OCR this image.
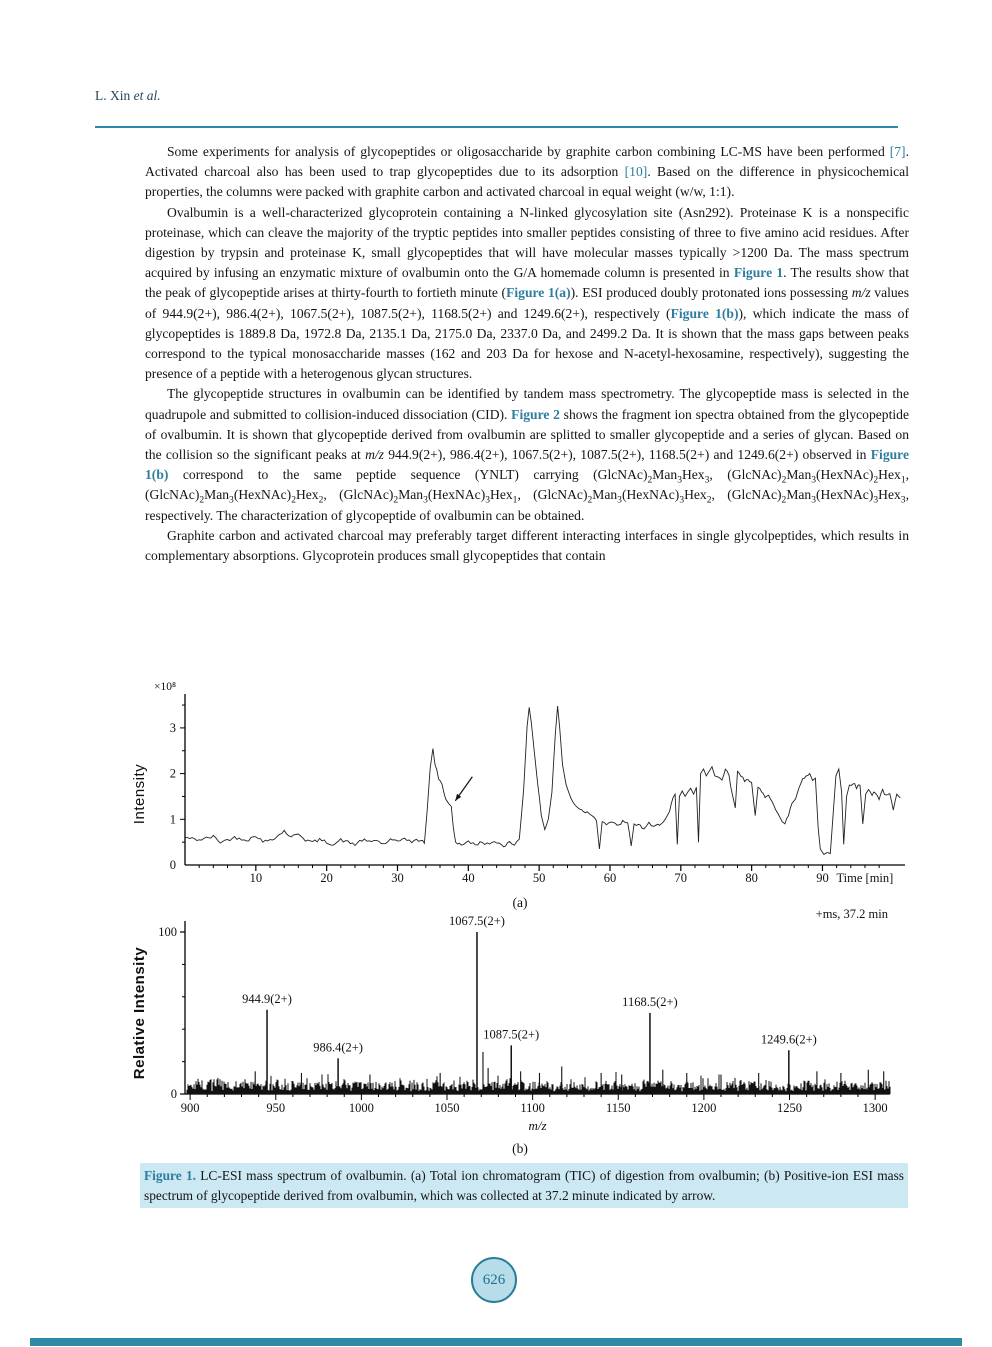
L. Xin et al.

Some experiments for analysis of glycopeptides or oligosaccharide by graphite carbon combining LC-MS have been performed [7]. Activated charcoal also has been used to trap glycopeptides due to its adsorption [10]. Based on the difference in physicochemical properties, the columns were packed with graphite carbon and activated charcoal in equal weight (w/w, 1:1).

Ovalbumin is a well-characterized glycoprotein containing a N-linked glycosylation site (Asn292). Proteinase K is a nonspecific proteinase, which can cleave the majority of the tryptic peptides into smaller peptides consisting of three to five amino acid residues. After digestion by trypsin and proteinase K, small glycopeptides that will have molecular masses typically >1200 Da. The mass spectrum acquired by infusing an enzymatic mixture of ovalbumin onto the G/A homemade column is presented in Figure 1. The results show that the peak of glycopeptide arises at thirty-fourth to fortieth minute (Figure 1(a)). ESI produced doubly protonated ions possessing m/z values of 944.9(2+), 986.4(2+), 1067.5(2+), 1087.5(2+), 1168.5(2+) and 1249.6(2+), respectively (Figure 1(b)), which indicate the mass of glycopeptides is 1889.8 Da, 1972.8 Da, 2135.1 Da, 2175.0 Da, 2337.0 Da, and 2499.2 Da. It is shown that the mass gaps between peaks correspond to the typical monosaccharide masses (162 and 203 Da for hexose and N-acetyl-hexosamine, respectively), suggesting the presence of a peptide with a heterogenous glycan structures.

The glycopeptide structures in ovalbumin can be identified by tandem mass spectrometry. The glycopeptide mass is selected in the quadrupole and submitted to collision-induced dissociation (CID). Figure 2 shows the fragment ion spectra obtained from the glycopeptide of ovalbumin. It is shown that glycopeptide derived from ovalbumin are splitted to smaller glycopeptide and a series of glycan. Based on the collision so the significant peaks at m/z 944.9(2+), 986.4(2+), 1067.5(2+), 1087.5(2+), 1168.5(2+) and 1249.6(2+) observed in Figure 1(b) correspond to the same peptide sequence (YNLT) carrying $(GlcNAc)_2Man_3Hex_3$, $(GlcNAc)_2Man_3(HexNAc)_2Hex_1$, $(GlcNAc)_2Man_3(HexNAc)_2Hex_2$, $(GlcNAc)_2Man_3(HexNAc)_3Hex_1$, $(GlcNAc)_2Man_3(HexNAc)_3Hex_2$, $(GlcNAc)_2Man_3(HexNAc)_3Hex_3$, respectively. The characterization of glycopeptide of ovalbumin can be obtained.

Graphite carbon and activated charcoal may preferably target different interacting interfaces in single glycolpeptides, which results in complementary absorptions. Glycoprotein produces small glycopeptides that contain

10	20	30	40	50	60	70	80	90 Time [min]
0
1
2
3
×10⁸
Intensity
(a)
900	950	1000	1050	1100	1150	1200	1250	1300
m/z
0
100
Relative Intensity
+ms, 37.2 min
944.9(2+)
986.4(2+)
1067.5(2+)
1087.5(2+)
1168.5(2+)
1249.6(2+)
(b)
Figure 1. LC-ESI mass spectrum of ovalbumin. (a) Total ion chromatogram (TIC) of digestion from ovalbumin; (b) Positive-ion ESI mass spectrum of glycopeptide derived from ovalbumin, which was collected at 37.2 minute indicated by arrow.
626
